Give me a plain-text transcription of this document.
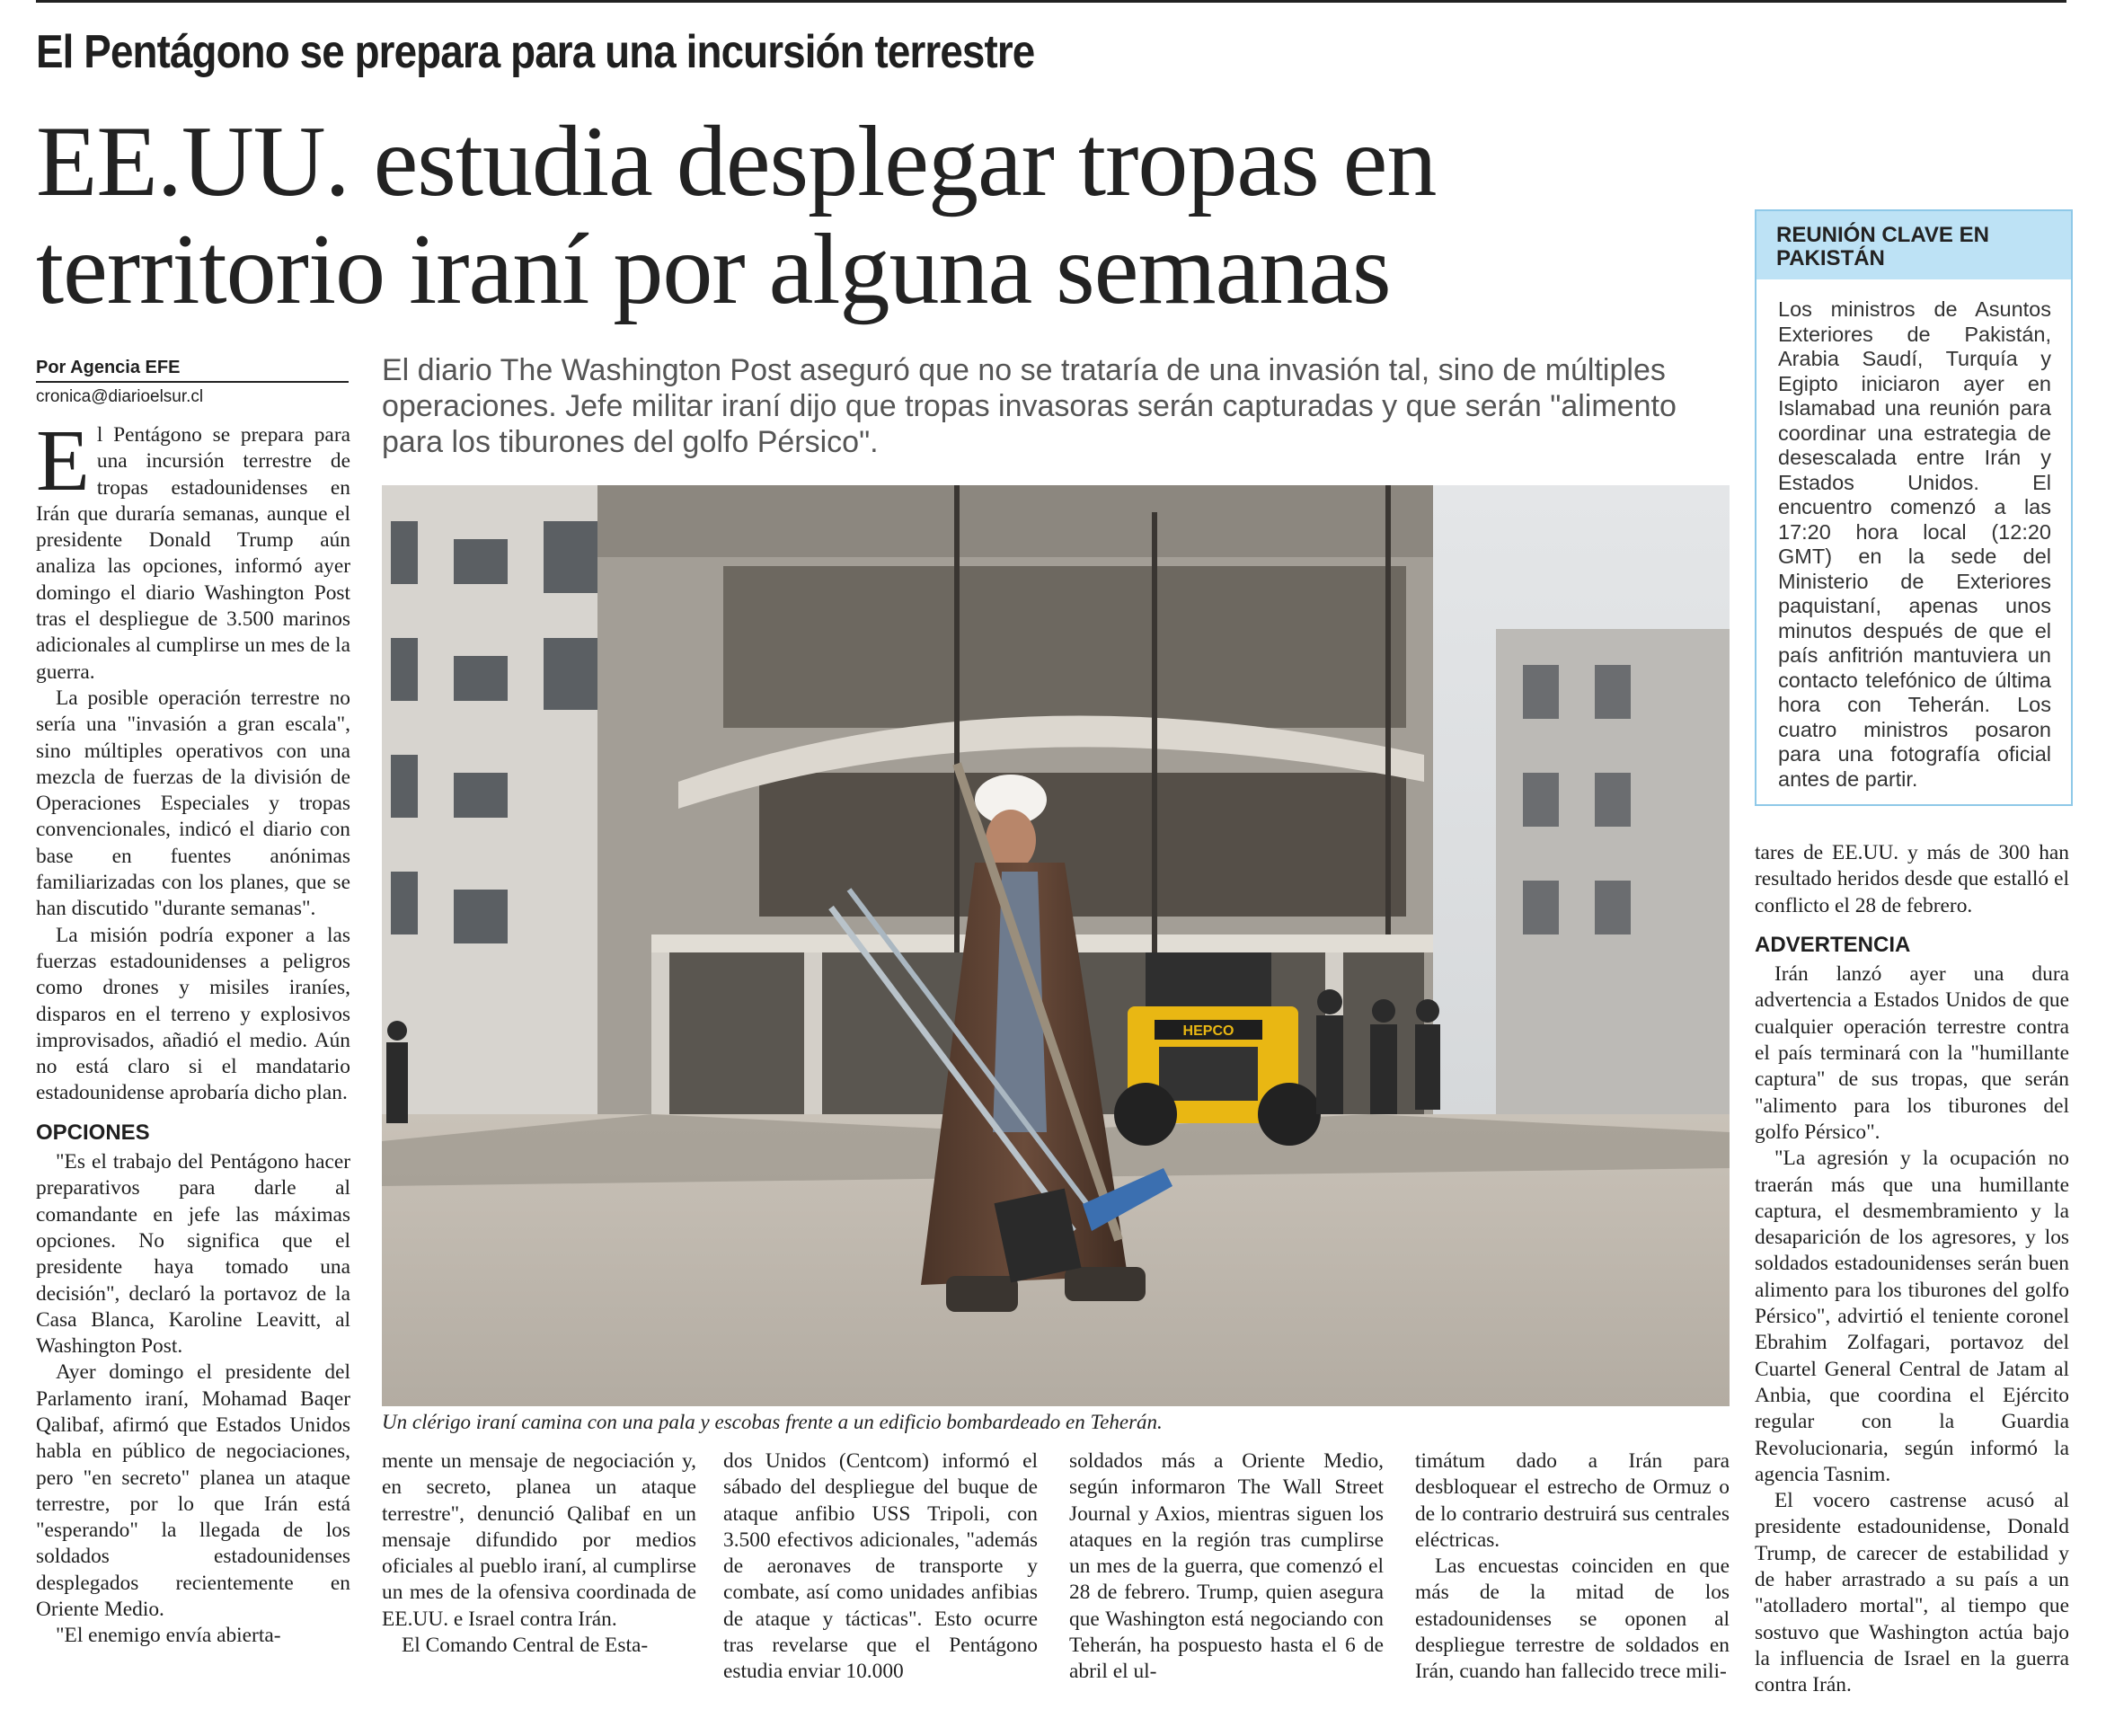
El Pentágono se prepara para una incursión terrestre
EE.UU. estudia desplegar tropas en
territorio iraní por alguna semanas
Por Agencia EFE
cronica@diarioelsur.cl

El diario The Washington Post aseguró que no se trataría de una invasión tal, sino de múltiples operaciones. Jefe militar iraní dijo que tropas invasoras serán capturadas y que serán "alimento para los tiburones del golfo Pérsico".

El Pentágono se prepara para una incursión terrestre de tropas estadounidenses en Irán que duraría semanas, aunque el presidente Donald Trump aún analiza las opciones, informó ayer domingo el diario Washington Post tras el despliegue de 3.500 marinos adicionales al cumplirse un mes de la guerra.

La posible operación terrestre no sería una "invasión a gran escala", sino múltiples operativos con una mezcla de fuerzas de la división de Operaciones Especiales y tropas convencionales, indicó el diario con base en fuentes anónimas familiarizadas con los planes, que se han discutido "durante semanas".

La misión podría exponer a las fuerzas estadounidenses a peligros como drones y misiles iraníes, disparos en el terreno y explosivos improvisados, añadió el medio. Aún no está claro si el mandatario estadounidense aprobaría dicho plan.

OPCIONES

"Es el trabajo del Pentágono hacer preparativos para darle al comandante en jefe las máximas opciones. No significa que el presidente haya tomado una decisión", declaró la portavoz de la Casa Blanca, Karoline Leavitt, al Washington Post.

Ayer domingo el presidente del Parlamento iraní, Mohamad Baqer Qalibaf, afirmó que Estados Unidos habla en público de negociaciones, pero "en secreto" planea un ataque terrestre, por lo que Irán está "esperando" la llegada de los soldados estadounidenses desplegados recientemente en Oriente Medio.

"El enemigo envía abierta-

HEPCO
Un clérigo iraní camina con una pala y escobas frente a un edificio bombardeado en Teherán.

mente un mensaje de negociación y, en secreto, planea un ataque terrestre", denunció Qalibaf en un mensaje difundido por medios oficiales al pueblo iraní, al cumplirse un mes de la ofensiva coordinada de EE.UU. e Israel contra Irán.

El Comando Central de Esta-

dos Unidos (Centcom) informó el sábado del despliegue del buque de ataque anfibio USS Tripoli, con 3.500 efectivos adicionales, "además de aeronaves de transporte y combate, así como unidades anfibias de ataque y tácticas". Esto ocurre tras revelarse que el Pentágono estudia enviar 10.000

soldados más a Oriente Medio, según informaron The Wall Street Journal y Axios, mientras siguen los ataques en la región tras cumplirse un mes de la guerra, que comenzó el 28 de febrero. Trump, quien asegura que Washington está negociando con Teherán, ha pospuesto hasta el 6 de abril el ul-

timátum dado a Irán para desbloquear el estrecho de Ormuz o de lo contrario destruirá sus centrales eléctricas.

Las encuestas coinciden en que más de la mitad de los estadounidenses se oponen al despliegue terrestre de soldados en Irán, cuando han fallecido trece mili-

REUNIÓN CLAVE EN PAKISTÁN
Los ministros de Asuntos Exteriores de Pakistán, Arabia Saudí, Turquía y Egipto iniciaron ayer en Islamabad una reunión para coordinar una estrategia de desescalada entre Irán y Estados Unidos. El encuentro comenzó a las 17:20 hora local (12:20 GMT) en la sede del Ministerio de Exteriores paquistaní, apenas unos minutos después de que el país anfitrión mantuviera un contacto telefónico de última hora con Teherán. Los cuatro ministros posaron para una fotografía oficial antes de partir.

tares de EE.UU. y más de 300 han resultado heridos desde que estalló el conflicto el 28 de febrero.

ADVERTENCIA

Irán lanzó ayer una dura advertencia a Estados Unidos de que cualquier operación terrestre contra el país terminará con la "humillante captura" de sus tropas, que serán "alimento para los tiburones del golfo Pérsico".

"La agresión y la ocupación no traerán más que una humillante captura, el desmembramiento y la desaparición de los agresores, y los soldados estadounidenses serán buen alimento para los tiburones del golfo Pérsico", advirtió el teniente coronel Ebrahim Zolfagari, portavoz del Cuartel General Central de Jatam al Anbia, que coordina el Ejército regular con la Guardia Revolucionaria, según informó la agencia Tasnim.

El vocero castrense acusó al presidente estadounidense, Donald Trump, de carecer de estabilidad y de haber arrastrado a su país a un "atolladero mortal", al tiempo que sostuvo que Washington actúa bajo la influencia de Israel en la guerra contra Irán.
